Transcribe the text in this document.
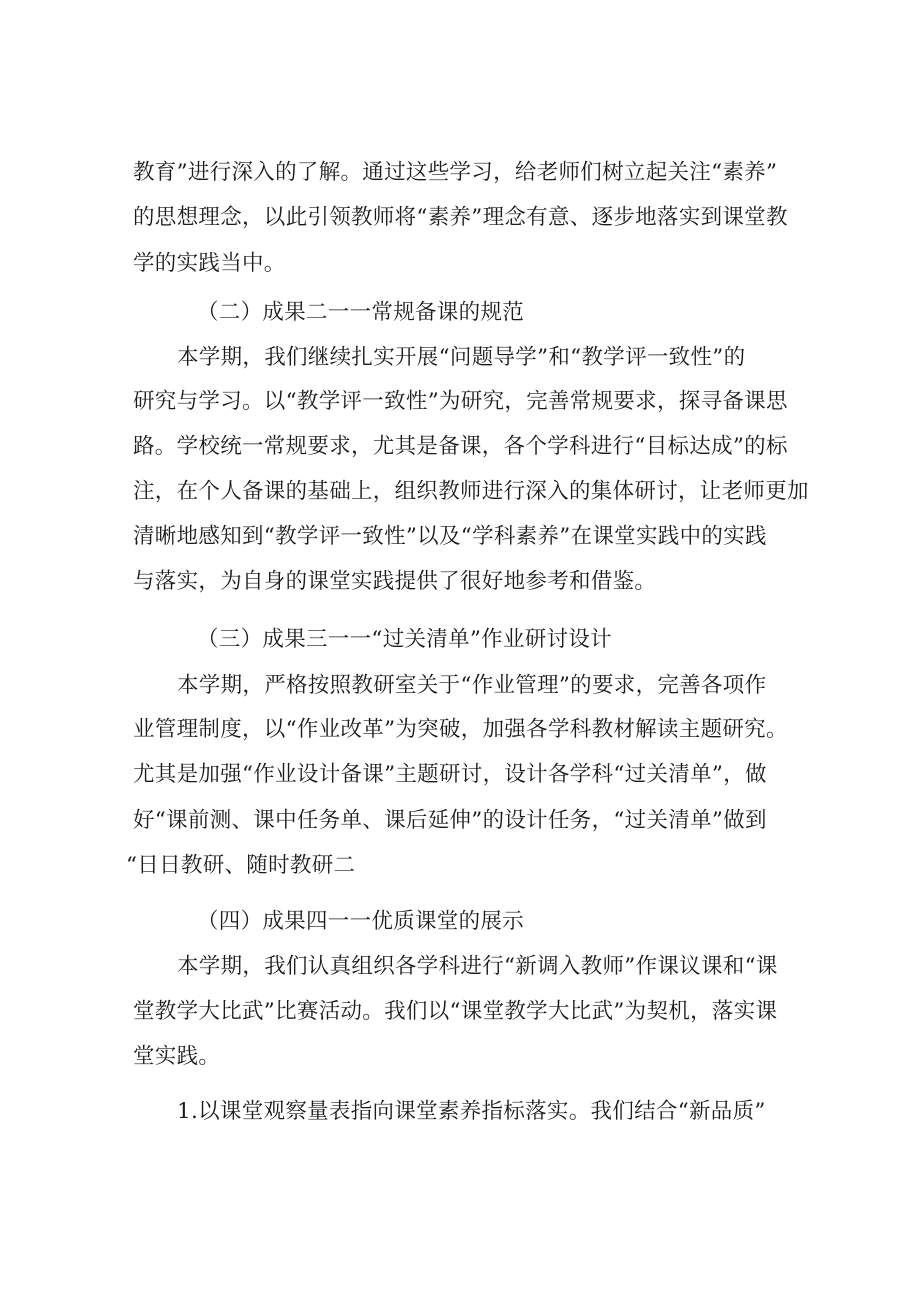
教育”进行深入的了解。通过这些学习，给老师们树立起关注“素养”
的思想理念，以此引领教师将“素养”理念有意、逐步地落实到课堂教
学的实践当中。
（二）成果二一一常规备课的规范
本学期，我们继续扎实开展“问题导学”和“教学评一致性”的
研究与学习。以“教学评一致性”为研究，完善常规要求，探寻备课思
路。学校统一常规要求，尤其是备课，各个学科进行“目标达成”的标
注，在个人备课的基础上，组织教师进行深入的集体研讨，让老师更加
清晰地感知到“教学评一致性”以及“学科素养”在课堂实践中的实践
与落实，为自身的课堂实践提供了很好地参考和借鉴。
（三）成果三一一“过关清单”作业研讨设计
本学期，严格按照教研室关于“作业管理”的要求，完善各项作
业管理制度，以“作业改革”为突破，加强各学科教材解读主题研究。
尤其是加强“作业设计备课”主题研讨，设计各学科“过关清单”，做
好“课前测、课中任务单、课后延伸”的设计任务，“过关清单”做到
“日日教研、随时教研二
（四）成果四一一优质课堂的展示
本学期，我们认真组织各学科进行“新调入教师”作课议课和“课
堂教学大比武”比赛活动。我们以“课堂教学大比武”为契机，落实课
堂实践。
1.以课堂观察量表指向课堂素养指标落实。我们结合“新品质”
